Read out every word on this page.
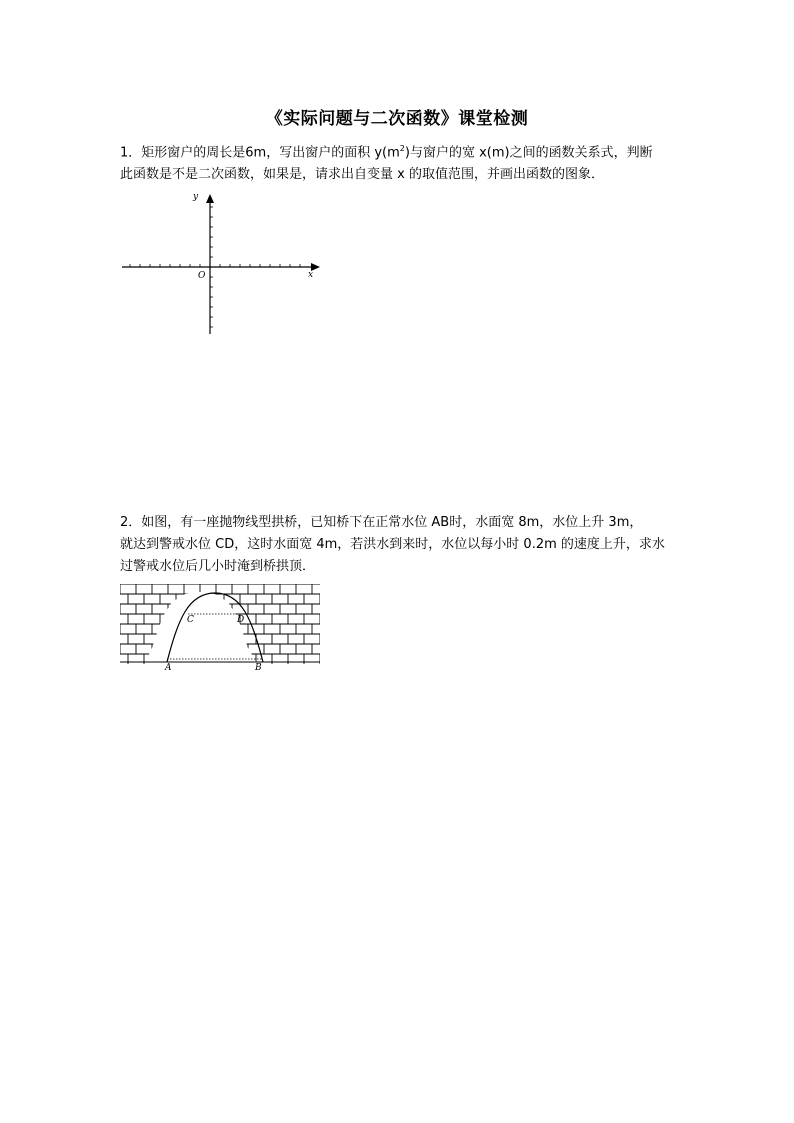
《实际问题与二次函数》课堂检测
1．矩形窗户的周长是6m，写出窗户的面积 $y(m^2)$与窗户的宽 x(m)之间的函数关系式，判断
此函数是不是二次函数，如果是，请求出自变量 x 的取值范围，并画出函数的图象．
y
x
O
2．如图，有一座抛物线型拱桥，已知桥下在正常水位 AB时，水面宽 8m，水位上升 3m，
就达到警戒水位 CD，这时水面宽 4m，若洪水到来时，水位以每小时 0.2m 的速度上升，求水
过警戒水位后几小时淹到桥拱顶．
C	D
A	B
